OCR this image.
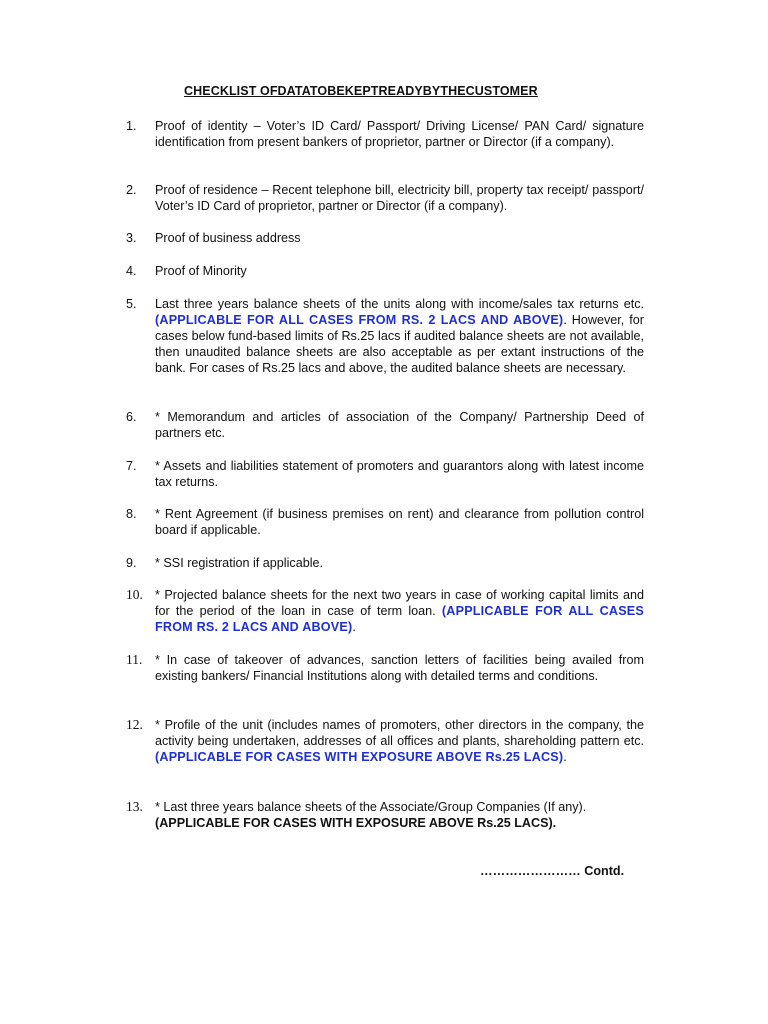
CHECKLIST OFDATATOBEKEPTREADYBYTHECUSTOMER
1. Proof of identity – Voter’s ID Card/ Passport/ Driving License/ PAN Card/ signature identification from present bankers of proprietor, partner or Director (if a company).
2. Proof of residence – Recent telephone bill, electricity bill, property tax receipt/ passport/ Voter’s ID Card of proprietor, partner or Director (if a company).
3. Proof of business address
4. Proof of Minority
5. Last three years balance sheets of the units along with income/sales tax returns etc. (APPLICABLE FOR ALL CASES FROM RS. 2 LACS AND ABOVE). However, for cases below fund-based limits of Rs.25 lacs if audited balance sheets are not available, then unaudited balance sheets are also acceptable as per extant instructions of the bank. For cases of Rs.25 lacs and above, the audited balance sheets are necessary.
6. * Memorandum and articles of association of the Company/ Partnership Deed of partners etc.
7. * Assets and liabilities statement of promoters and guarantors along with latest income tax returns.
8. * Rent Agreement (if business premises on rent) and clearance from pollution control board if applicable.
9. * SSI registration if applicable.
10. * Projected balance sheets for the next two years in case of working capital limits and for the period of the loan in case of term loan. (APPLICABLE FOR ALL CASES FROM RS. 2 LACS AND ABOVE).
11. * In case of takeover of advances, sanction letters of facilities being availed from existing bankers/ Financial Institutions along with detailed terms and conditions.
12. * Profile of the unit (includes names of promoters, other directors in the company, the activity being undertaken, addresses of all offices and plants, shareholding pattern etc. (APPLICABLE FOR CASES WITH EXPOSURE ABOVE Rs.25 LACS).
13. * Last three years balance sheets of the Associate/Group Companies (If any).
(APPLICABLE FOR CASES WITH EXPOSURE ABOVE Rs.25 LACS).
…………………… Contd.
